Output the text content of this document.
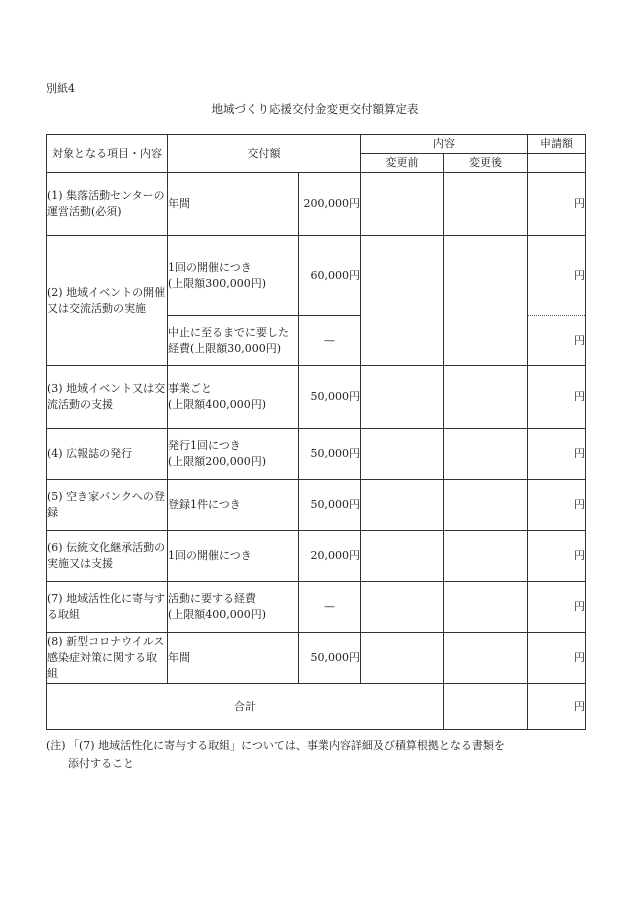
別紙4
地域づくり応援交付金変更交付額算定表
対象となる項目・内容	交付額		内容		申請額
			変更前	変更後	
(1) 集落活動センターの運営活動(必須)	年間	200,000円			円
(2) 地域イベントの開催又は交流活動の実施	1回の開催につき
(上限額300,000円)	60,000円			円
	中止に至るまでに要した経費(上限額30,000円)	—			円
(3) 地域イベント又は交流活動の支援	事業ごと
(上限額400,000円)	50,000円			円
(4) 広報誌の発行	発行1回につき
(上限額200,000円)	50,000円			円
(5) 空き家バンクへの登録	登録1件につき	50,000円			円
(6) 伝統文化継承活動の実施又は支援	1回の開催につき	20,000円			円
(7) 地域活性化に寄与する取組	活動に要する経費
(上限額400,000円)	—			円
(8) 新型コロナウイルス感染症対策に関する取組	年間	50,000円			円
合計					円
(注) 「(7) 地域活性化に寄与する取組」については、事業内容詳細及び積算根拠となる書類を
添付すること
